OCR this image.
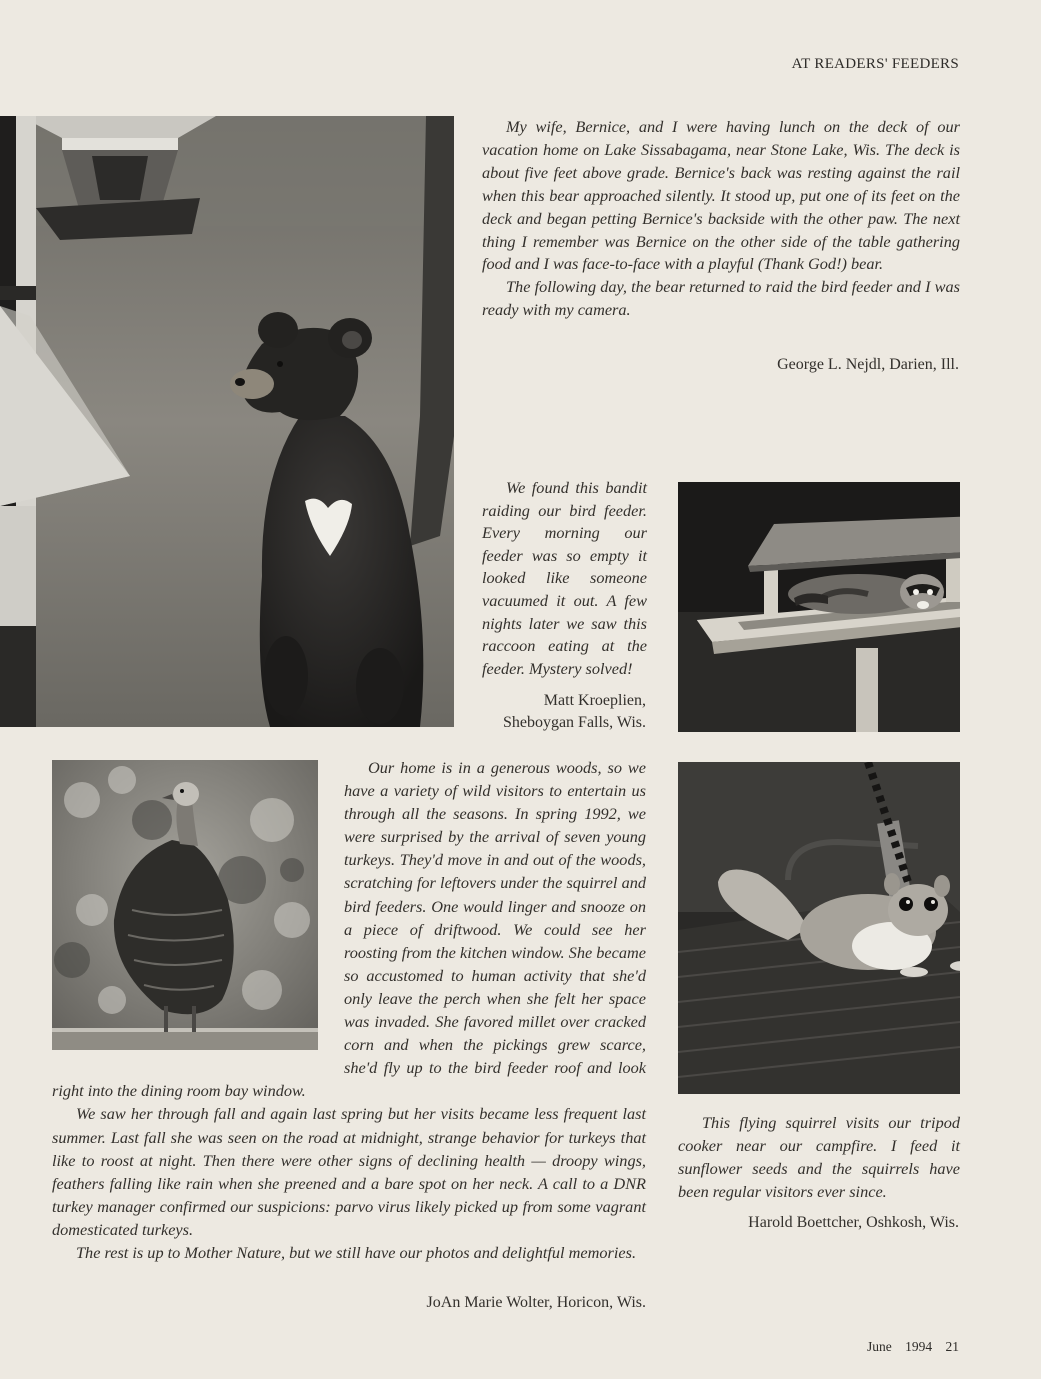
AT READERS' FEEDERS

My wife, Bernice, and I were having lunch on the deck of our vacation home on Lake Sissabagama, near Stone Lake, Wis. The deck is about five feet above grade. Bernice's back was resting against the rail when this bear approached silently. It stood up, put one of its feet on the deck and began petting Bernice's backside with the other paw. The next thing I remember was Bernice on the other side of the table gathering food and I was face-to-face with a playful (Thank God!) bear.

The following day, the bear returned to raid the bird feeder and I was ready with my camera.

George L. Nejdl, Darien, Ill.

We found this bandit raiding our bird feeder. Every morning our feeder was so empty it looked like someone vacuumed it out. A few nights later we saw this raccoon eating at the feeder. Mystery solved!

Matt Kroeplien,
Sheboygan Falls, Wis.

Our home is in a generous woods, so we have a variety of wild visitors to entertain us through all the seasons. In spring 1992, we were surprised by the arrival of seven young turkeys. They'd move in and out of the woods, scratching for leftovers under the squirrel and bird feeders. One would linger and snooze on a piece of driftwood. We could see her roosting from the kitchen window. She became so accustomed to human activity that she'd only leave the perch when she felt her space was invaded. She favored millet over cracked corn and when the pickings grew scarce, she'd fly up to the bird feeder roof and look right into the dining room bay window.

We saw her through fall and again last spring but her visits became less frequent last summer. Last fall she was seen on the road at midnight, strange behavior for turkeys that like to roost at night. Then there were other signs of declining health — droopy wings, feathers falling like rain when she preened and a bare spot on her neck. A call to a DNR turkey manager confirmed our suspicions: parvo virus likely picked up from some vagrant domesticated turkeys.

The rest is up to Mother Nature, but we still have our photos and delightful memories.

JoAn Marie Wolter, Horicon, Wis.

This flying squirrel visits our tripod cooker near our campfire. I feed it sunflower seeds and the squirrels have been regular visitors ever since.

Harold Boettcher, Oshkosh, Wis.
June 1994 21
